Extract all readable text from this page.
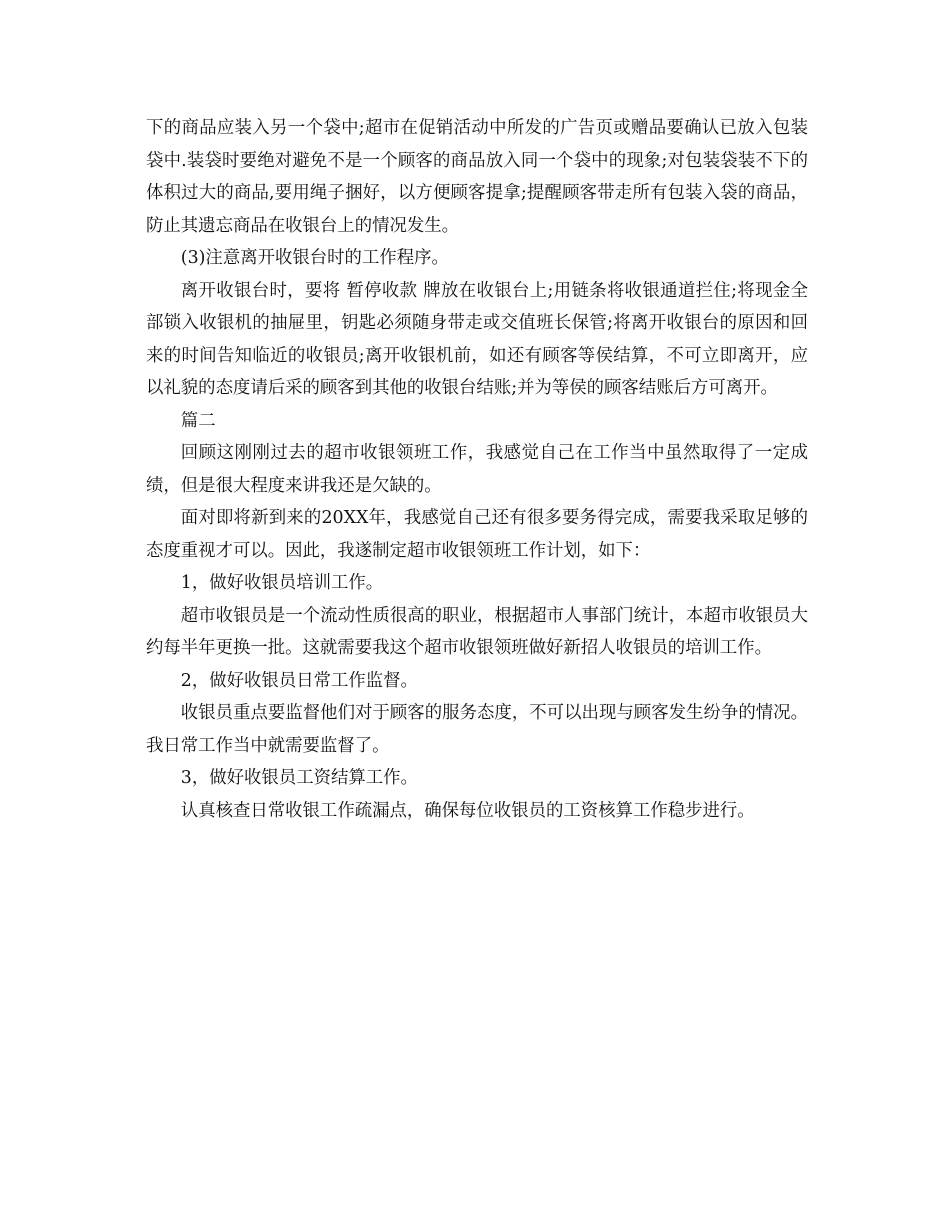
下的商品应装入另一个袋中;超市在促销活动中所发的广告页或赠品要确认已放入包装袋中.装袋时要绝对避免不是一个顾客的商品放入同一个袋中的现象;对包装袋装不下的体积过大的商品,要用绳子捆好，以方便顾客提拿;提醒顾客带走所有包装入袋的商品，防止其遗忘商品在收银台上的情况发生。

(3)注意离开收银台时的工作程序。

离开收银台时，要将 暂停收款 牌放在收银台上;用链条将收银通道拦住;将现金全部锁入收银机的抽屉里，钥匙必须随身带走或交值班长保管;将离开收银台的原因和回来的时间告知临近的收银员;离开收银机前，如还有顾客等侯结算，不可立即离开，应以礼貌的态度请后采的顾客到其他的收银台结账;并为等侯的顾客结账后方可离开。

篇二

回顾这刚刚过去的超市收银领班工作，我感觉自己在工作当中虽然取得了一定成绩，但是很大程度来讲我还是欠缺的。

面对即将新到来的20XX年，我感觉自己还有很多要务得完成，需要我采取足够的态度重视才可以。因此，我遂制定超市收银领班工作计划，如下：

1，做好收银员培训工作。

超市收银员是一个流动性质很高的职业，根据超市人事部门统计，本超市收银员大约每半年更换一批。这就需要我这个超市收银领班做好新招人收银员的培训工作。

2，做好收银员日常工作监督。

收银员重点要监督他们对于顾客的服务态度，不可以出现与顾客发生纷争的情况。我日常工作当中就需要监督了。

3，做好收银员工资结算工作。

认真核查日常收银工作疏漏点，确保每位收银员的工资核算工作稳步进行。
